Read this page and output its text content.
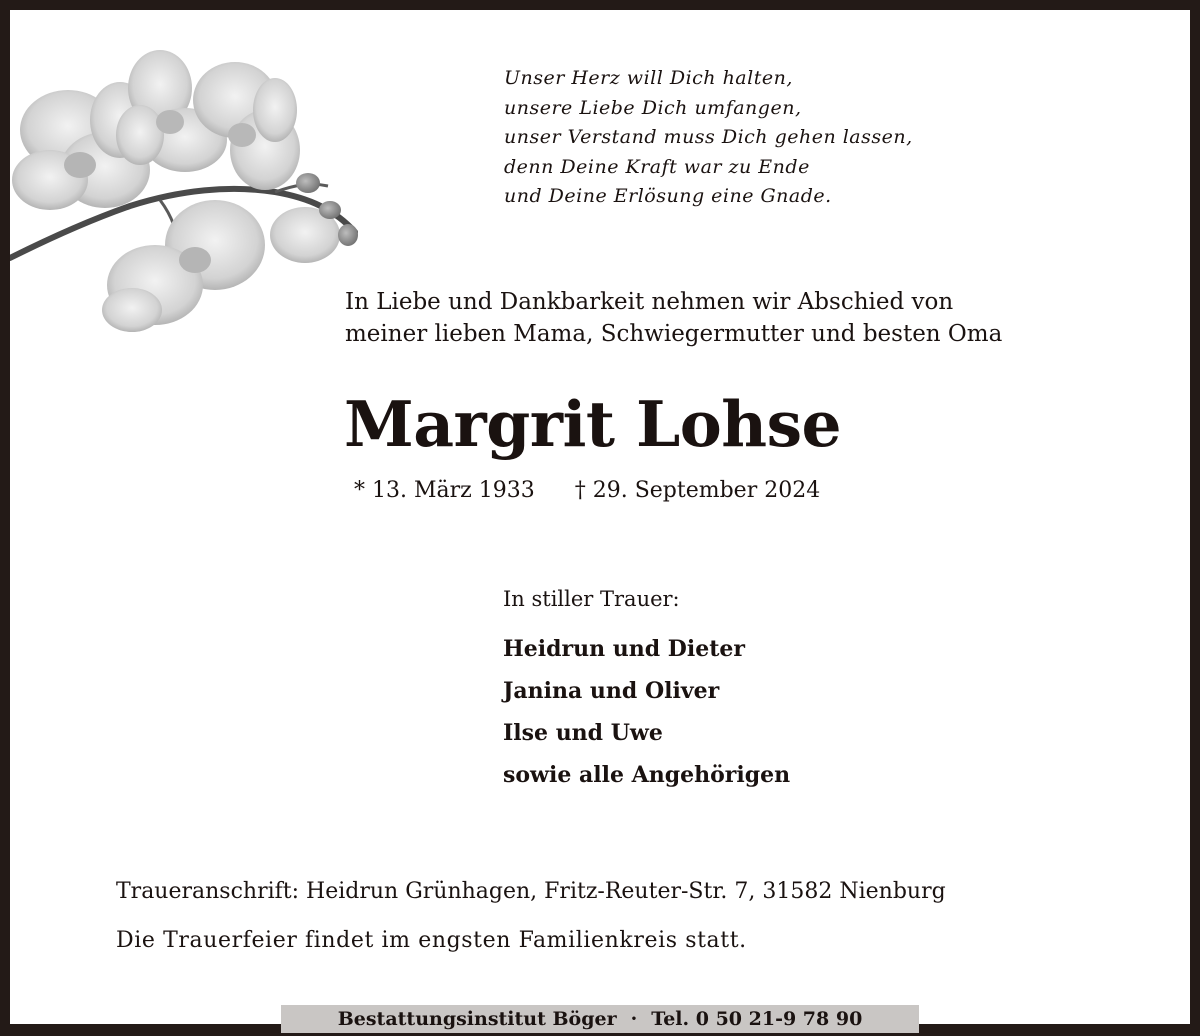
Unser Herz will Dich halten,
unsere Liebe Dich umfangen,
unser Verstand muss Dich gehen lassen,
denn Deine Kraft war zu Ende
und Deine Erlösung eine Gnade.
In Liebe und Dankbarkeit nehmen wir Abschied von
meiner lieben Mama, Schwiegermutter und besten Oma
Margrit Lohse
* 13. März 1933 † 29. September 2024
In stiller Trauer:
Heidrun und Dieter
Janina und Oliver
Ilse und Uwe
sowie alle Angehörigen
Traueranschrift: Heidrun Grünhagen, Fritz-Reuter-Str. 7, 31582 Nienburg
Die Trauerfeier findet im engsten Familienkreis statt.
Bestattungsinstitut Böger · Tel. 0 50 21-9 78 90
